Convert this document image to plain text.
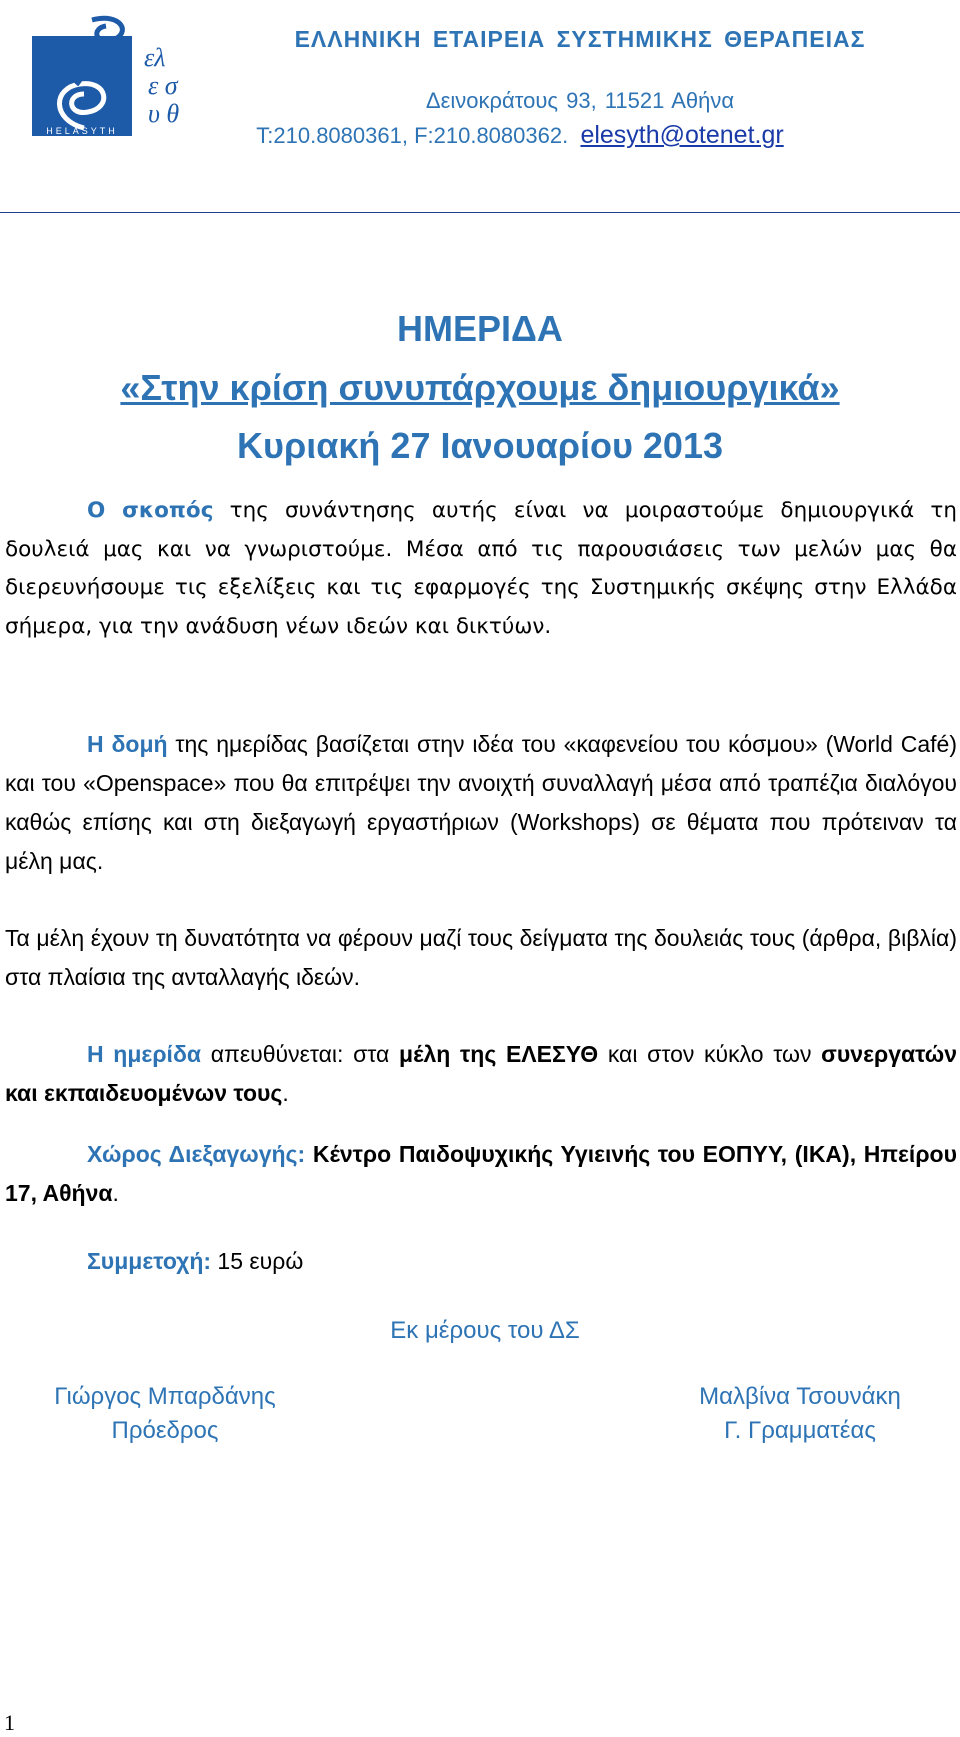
ελ
ε σ
υ θ
HELASYTH
ΕΛΛΗΝΙΚΗ ΕΤΑΙΡΕΙΑ ΣΥΣΤΗΜΙΚΗΣ ΘΕΡΑΠΕΙΑΣ
Δεινοκράτους 93, 11521 Αθήνα
T:210.8080361, F:210.8080362. elesyth@otenet.gr
ΗΜΕΡΙΔΑ
«Στην κρίση συνυπάρχουμε δημιουργικά»
Κυριακή 27 Ιανουαρίου 2013
Ο σκοπός της συνάντησης αυτής είναι να μοιραστούμε δημιουργικά τη δουλειά μας και να γνωριστούμε. Μέσα από τις παρουσιάσεις των μελών μας θα διερευνήσουμε τις εξελίξεις και τις εφαρμογές της Συστημικής σκέψης στην Ελλάδα σήμερα, για την ανάδυση νέων ιδεών και δικτύων.
Η δομή της ημερίδας βασίζεται στην ιδέα του «καφενείου του κόσμου» (World Café) και του «Openspace» που θα επιτρέψει την ανοιχτή συναλλαγή μέσα από τραπέζια διαλόγου καθώς επίσης και στη διεξαγωγή εργαστήριων (Workshops) σε θέματα που πρότειναν τα μέλη μας.
Τα μέλη έχουν τη δυνατότητα να φέρουν μαζί τους δείγματα της δουλειάς τους (άρθρα, βιβλία) στα πλαίσια της ανταλλαγής ιδεών.
Η ημερίδα απευθύνεται: στα μέλη της ΕΛΕΣΥΘ και στον κύκλο των συνεργατών και εκπαιδευομένων τους.
Χώρος Διεξαγωγής: Κέντρο Παιδοψυχικής Υγιεινής του ΕΟΠΥΥ, (ΙΚΑ), Ηπείρου 17, Αθήνα.
Συμμετοχή: 15 ευρώ
Εκ μέρους του ΔΣ
Γιώργος Μπαρδάνης
Πρόεδρος
Μαλβίνα Τσουνάκη
Γ. Γραμματέας
1
